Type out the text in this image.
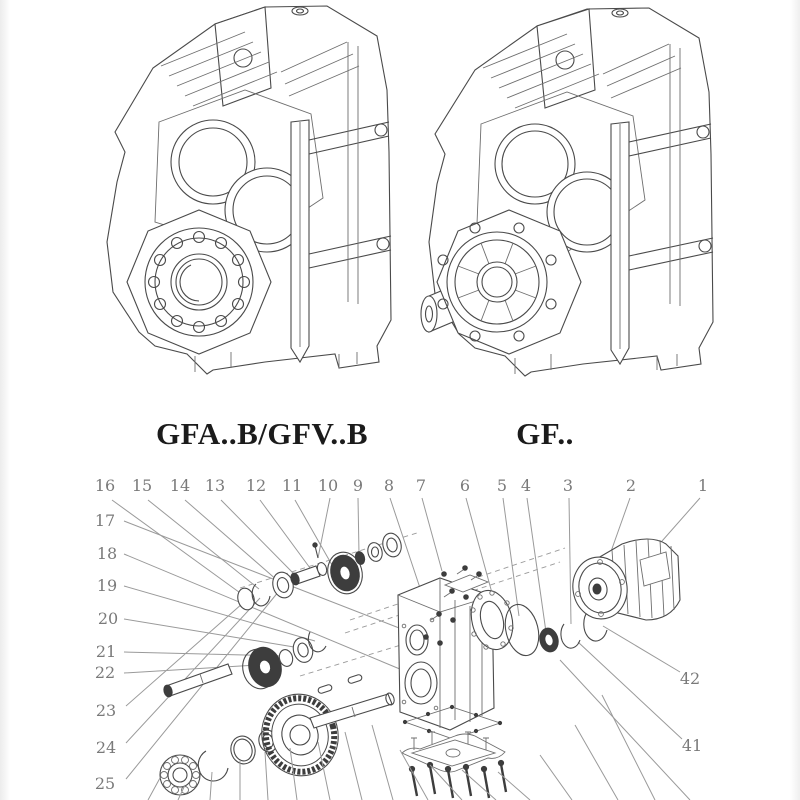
GFA..B/GFV..B	GF..
16 15 14 13 12 11 10 9 8 7 6 5 4 3	2	1
17
18
19
20
21
22
23
24
25
42
41
